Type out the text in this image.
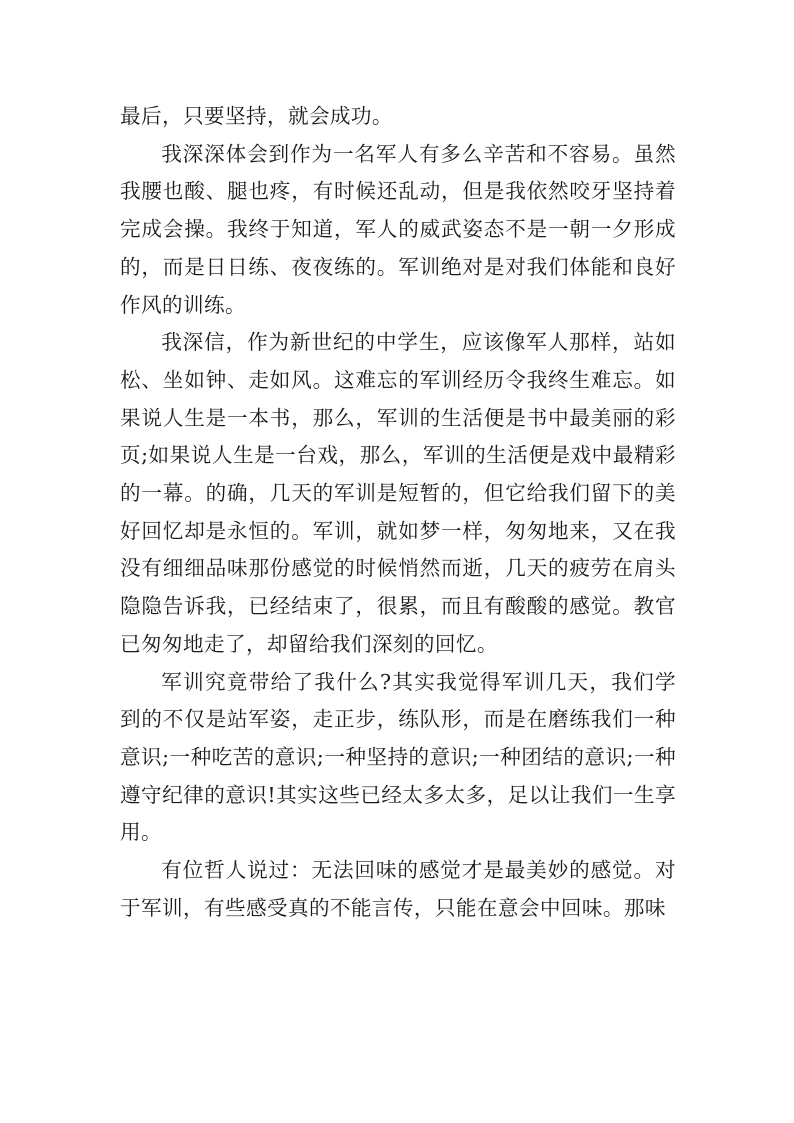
最后，只要坚持，就会成功。

我深深体会到作为一名军人有多么辛苦和不容易。虽然我腰也酸、腿也疼，有时候还乱动，但是我依然咬牙坚持着完成会操。我终于知道，军人的威武姿态不是一朝一夕形成的，而是日日练、夜夜练的。军训绝对是对我们体能和良好作风的训练。

我深信，作为新世纪的中学生，应该像军人那样，站如松、坐如钟、走如风。这难忘的军训经历令我终生难忘。如果说人生是一本书，那么，军训的生活便是书中最美丽的彩页;如果说人生是一台戏，那么，军训的生活便是戏中最精彩的一幕。的确，几天的军训是短暂的，但它给我们留下的美好回忆却是永恒的。军训，就如梦一样，匆匆地来，又在我没有细细品味那份感觉的时候悄然而逝，几天的疲劳在肩头隐隐告诉我，已经结束了，很累，而且有酸酸的感觉。教官已匆匆地走了，却留给我们深刻的回忆。

军训究竟带给了我什么?其实我觉得军训几天，我们学到的不仅是站军姿，走正步，练队形，而是在磨练我们一种意识;一种吃苦的意识;一种坚持的意识;一种团结的意识;一种遵守纪律的意识!其实这些已经太多太多，足以让我们一生享用。

有位哲人说过：无法回味的感觉才是最美妙的感觉。对于军训，有些感受真的不能言传，只能在意会中回味。那味
